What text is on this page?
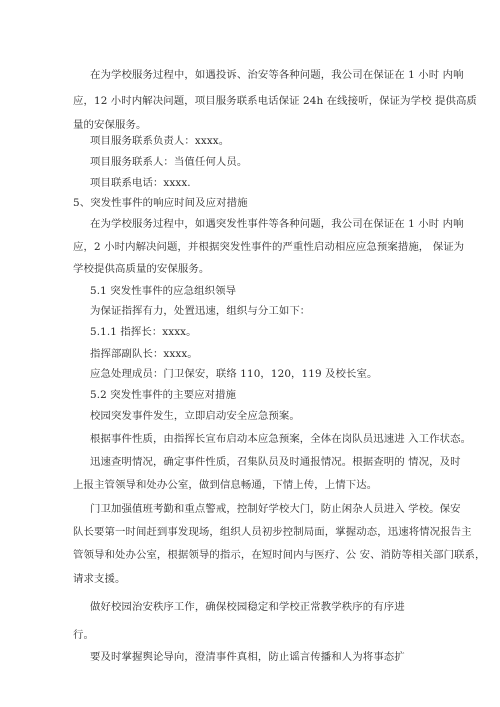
在为学校服务过程中，如遇投诉、治安等各种问题，我公司在保证在 1 小时 内响
应，12 小时内解决问题，项目服务联系电话保证 24h 在线接听，保证为学校 提供高质
量的安保服务。
项目服务联系负责人：xxxx。
项目服务联系人：当值任何人员。
项目联系电话：xxxx.
5、突发性事件的响应时间及应对措施
在为学校服务过程中，如遇突发性事件等各种问题，我公司在保证在 1 小时 内响
应，2 小时内解决问题，并根据突发性事件的严重性启动相应应急预案措施， 保证为
学校提供高质量的安保服务。
5.1 突发性事件的应急组织领导
为保证指挥有力，处置迅速，组织与分工如下：
5.1.1 指挥长：xxxx。
指挥部副队长：xxxx。
应急处理成员：门卫保安，联络 110，120，119 及校长室。
5.2 突发性事件的主要应对措施
校园突发事件发生，立即启动安全应急预案。
根据事件性质，由指挥长宣布启动本应急预案，全体在岗队员迅速进 入工作状态。
迅速查明情况，确定事件性质，召集队员及时通报情况。根据查明的 情况，及时
上报主管领导和处办公室，做到信息畅通，下情上传，上情下达。
门卫加强值班考勤和重点警戒，控制好学校大门，防止闲杂人员进入 学校。保安
队长要第一时间赶到事发现场，组织人员初步控制局面，掌握动态，迅速将情况报告主
管领导和处办公室，根据领导的指示，在短时间内与医疗、公 安、消防等相关部门联系，
请求支援。
做好校园治安秩序工作，确保校园稳定和学校正常教学秩序的有序进
行。
要及时掌握舆论导向，澄清事件真相，防止谣言传播和人为将事态扩
